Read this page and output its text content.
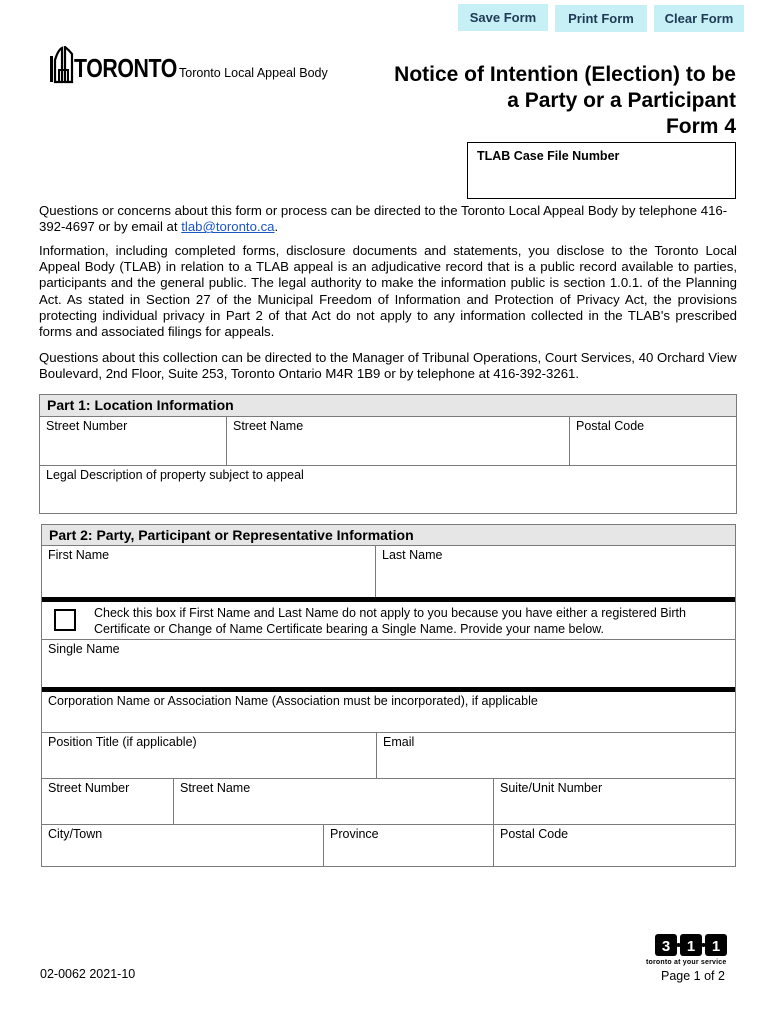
Save Form	Print Form	Clear Form
TORONTO Toronto Local Appeal Body	Notice of Intention (Election) to be
a Party or a Participant
Form 4
TLAB Case File Number
Questions or concerns about this form or process can be directed to the Toronto Local Appeal Body by telephone 416-392-4697 or by email at tlab@toronto.ca.
Information, including completed forms, disclosure documents and statements, you disclose to the Toronto Local Appeal Body (TLAB) in relation to a TLAB appeal is an adjudicative record that is a public record available to parties, participants and the general public. The legal authority to make the information public is section 1.0.1. of the Planning Act. As stated in Section 27 of the Municipal Freedom of Information and Protection of Privacy Act, the provisions protecting individual privacy in Part 2 of that Act do not apply to any information collected in the TLAB's prescribed forms and associated filings for appeals.
Questions about this collection can be directed to the Manager of Tribunal Operations, Court Services, 40 Orchard View Boulevard, 2nd Floor, Suite 253, Toronto Ontario M4R 1B9 or by telephone at 416-392-3261.
Part 1: Location Information
Street Number	Street Name	Postal Code
Legal Description of property subject to appeal
Part 2: Party, Participant or Representative Information
First Name	Last Name
Check this box if First Name and Last Name do not apply to you because you have either a registered Birth Certificate or Change of Name Certificate bearing a Single Name. Provide your name below.
Single Name
Corporation Name or Association Name (Association must be incorporated), if applicable
Position Title (if applicable)	Email
Street Number	Street Name	Suite/Unit Number
City/Town	Province	Postal Code
02-0062 2021-10
3 1 1
toronto at your service
Page 1 of 2
